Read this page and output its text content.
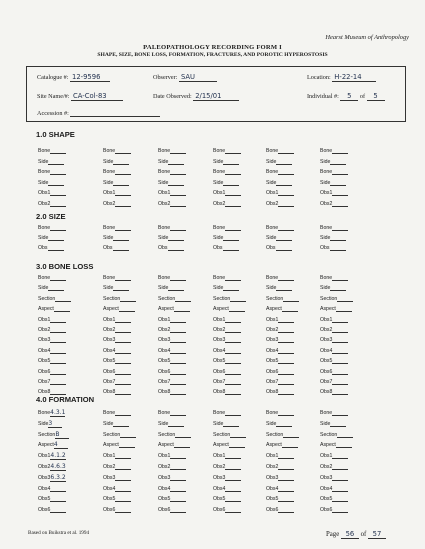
Hearst Museum of Anthropology
PALEOPATHOLOGY RECORDING FORM I
SHAPE, SIZE, BONE LOSS, FORMATION, FRACTURES, AND POROTIC HYPEROSTOSIS
Catalogue #: 12-9596	Observer: SAU	Location: H-22-14
Site Name/#: CA-Col-83	Date Observed: 2/15/01	Individual #: 5 of 5
Accession #:
1.0 SHAPE
Bone	Bone	Bone	Bone	Bone	Bone
Side	Side	Side	Side	Side	Side
Bone	Bone	Bone	Bone	Bone	Bone
Side	Side	Side	Side	Side	Side
Obs1	Obs1	Obs1	Obs1	Obs1	Obs1
Obs2	Obs2	Obs2	Obs2	Obs2	Obs2
2.0 SIZE
Bone	Bone	Bone	Bone	Bone	Bone
Side	Side	Side	Side	Side	Side
Obs	Obs	Obs	Obs	Obs	Obs
3.0 BONE LOSS
Bone	Bone	Bone	Bone	Bone	Bone
Side	Side	Side	Side	Side	Side
Section	Section	Section	Section	Section	Section
Aspect	Aspect	Aspect	Aspect	Aspect	Aspect
Obs1	Obs1	Obs1	Obs1	Obs1	Obs1
Obs2	Obs2	Obs2	Obs2	Obs2	Obs2
Obs3	Obs3	Obs3	Obs3	Obs3	Obs3
Obs4	Obs4	Obs4	Obs4	Obs4	Obs4
Obs5	Obs5	Obs5	Obs5	Obs5	Obs5
Obs6	Obs6	Obs6	Obs6	Obs6	Obs6
Obs7	Obs7	Obs7	Obs7	Obs7	Obs7
Obs8	Obs8	Obs8	Obs8	Obs8	Obs8
4.0 FORMATION
Bone4.3.1	Bone	Bone	Bone	Bone	Bone
Side3	Side	Side	Side	Side	Side
SectionB	Section	Section	Section	Section	Section
Aspect4	Aspect	Aspect	Aspect	Aspect	Aspect
Obs14.1.2	Obs1	Obs1	Obs1	Obs1	Obs1
Obs24.6.3	Obs2	Obs2	Obs2	Obs2	Obs2
Obs36.3.2	Obs3	Obs3	Obs3	Obs3	Obs3
Obs4	Obs4	Obs4	Obs4	Obs4	Obs4
Obs5	Obs5	Obs5	Obs5	Obs5	Obs5
Obs6	Obs6	Obs6	Obs6	Obs6	Obs6
Based on Buikstra et al. 1994	Page 56 of 57
